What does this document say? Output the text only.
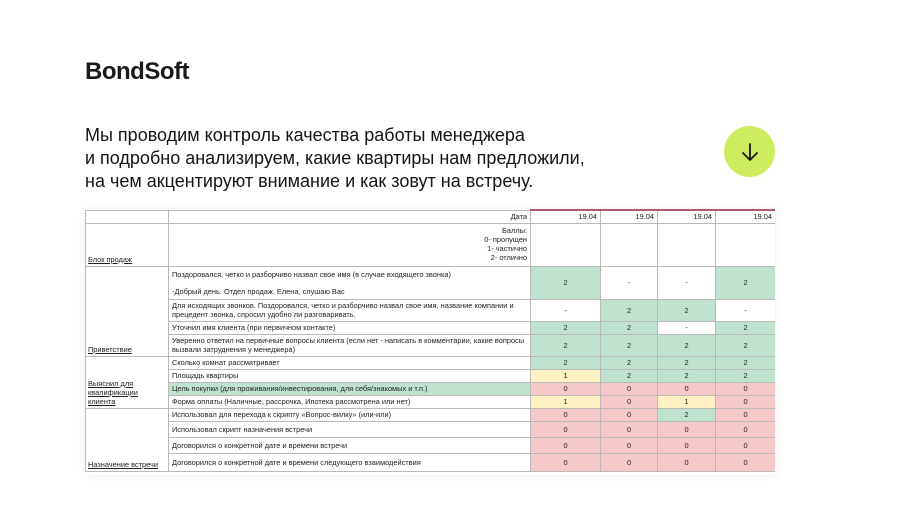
BondSoft
Мы проводим контроль качества работы менеджера
и подробно анализируем, какие квартиры нам предложили,
на чем акцентируют внимание и как зовут на встречу.
	Дата	19.04	19.04	19.04	19.04
Блок продаж	Баллы:
0- пропущен
1- частично
2- отлично				

Приветствие	Поздоровался, четко и разборчиво назвал свое имя (в случае входящего звонка)
-Добрый день. Отдел продаж, Елена, слушаю Вас	2	-	-	2
	Для исходящих звонков. Поздоровался, четко и разборчиво назвал свое имя, название компании и прецедент звонка, спросил удобно ли разговаривать.	-	2	2	-
	Уточнил имя клиента (при первичном контакте)	2	2	-	2
	Уверенно ответил на первичные вопросы клиента (если нет - написать в комментарии, какие вопросы вызвали затруднения у менеджера)	2	2	2	2
Выяснил для квалификации клиента	Сколько комнат рассматривает	2	2	2	2
	Площадь квартиры	1	2	2	2
	Цель покупки (для проживания/инвестирования, для себя/знакомых и т.п.)	0	0	0	0
	Форма оплаты (Наличные, рассрочка, Ипотека рассмотрена или нет)	1	0	1	0
Назначение встречи	Использовал для перехода к скрипту «Вопрос-вилку» (или-или)	0	0	2	0
	Использовал скрипт назначения встречи	0	0	0	0
	Договорился о конкретной дате и времени встречи	0	0	0	0
	Договорился о конкретной дате и времени следующего взаимодействия	0	0	0	0
